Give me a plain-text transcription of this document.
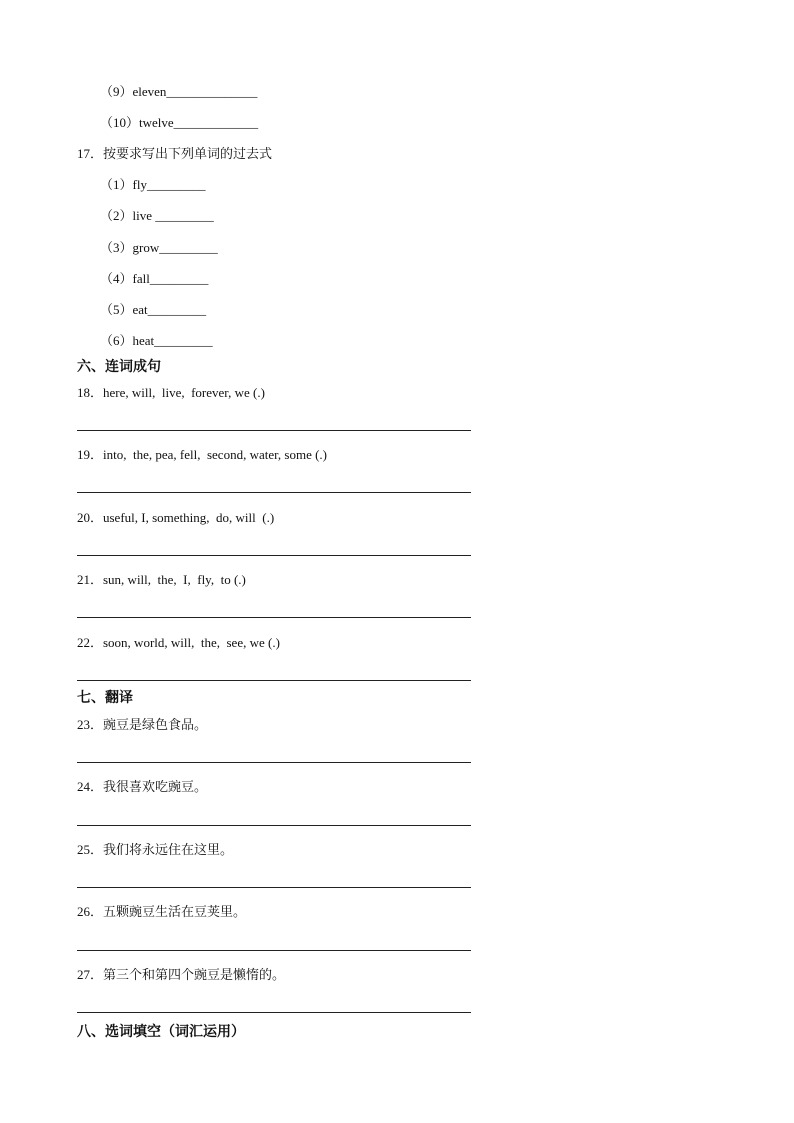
（9）eleven______________
（10）twelve_____________
17．按要求写出下列单词的过去式
（1）fly_________
（2）live _________
（3）grow_________
（4）fall_________
（5）eat_________
（6）heat_________
六、连词成句
18．here, will,  live,  forever, we (.)
19．into,  the, pea, fell,  second, water, some (.)
20．useful, I, something,  do, will  (.)
21．sun, will,  the,  I,  fly,  to (.)
22．soon, world, will,  the,  see, we (.)
七、翻译
23．豌豆是绿色食品。
24．我很喜欢吃豌豆。
25．我们将永远住在这里。
26．五颗豌豆生活在豆荚里。
27．第三个和第四个豌豆是懒惰的。
八、选词填空（词汇运用）
